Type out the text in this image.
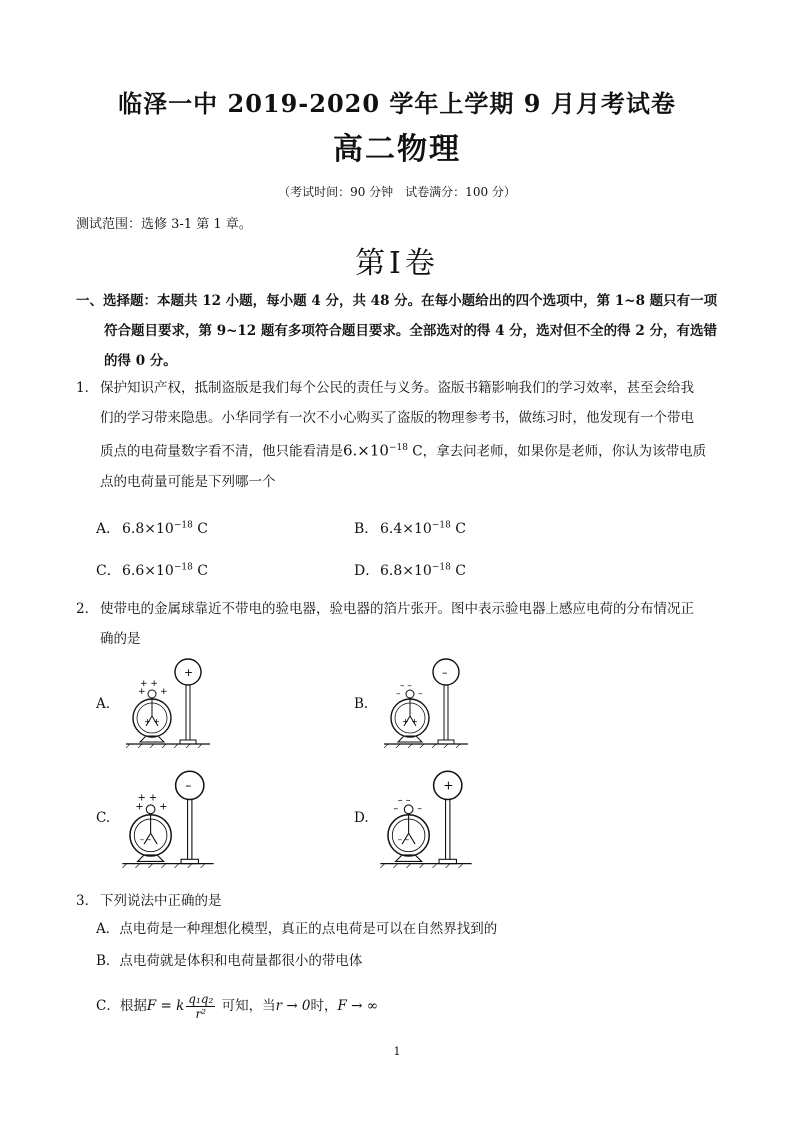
临泽一中 2019-2020 学年上学期 9 月月考试卷
高二物理
（考试时间：90 分钟　试卷满分：100 分）
测试范围：选修 3-1 第 1 章。
第Ⅰ卷
一、选择题：本题共 12 小题，每小题 4 分，共 48 分。在每小题给出的四个选项中，第 1~8 题只有一项
符合题目要求，第 9~12 题有多项符合题目要求。全部选对的得 4 分，选对但不全的得 2 分，有选错
的得 0 分。
1． 保护知识产权，抵制盗版是我们每个公民的责任与义务。盗版书籍影响我们的学习效率，甚至会给我
们的学习带来隐患。小华同学有一次不小心购买了盗版的物理参考书，做练习时，他发现有一个带电
质点的电荷量数字看不清，他只能看清是$6.\times 10^{-18}$ C，拿去问老师，如果你是老师，你认为该带电质
点的电荷量可能是下列哪一个
A． $6.8\times 10^{-18}$ C	B． $6.4\times 10^{-18}$ C
C．$6.6\times 10^{-18}$ C	D．$6.8\times 10^{-18}$ C
2． 使带电的金属球靠近不带电的验电器，验电器的箔片张开。图中表示验电器上感应电荷的分布情况正
确的是
A.
+ +
+ +
+ +
+
B.
– –
– –
+ +
–
C.
+ +
+ +
– –
–
D.
– –
– –
– –
+
3． 下列说法中正确的是
A．点电荷是一种理想化模型，真正的点电荷是可以在自然界找到的
B．点电荷就是体积和电荷量都很小的带电体
C．根据F = k $\frac{\text{q₁q₂}}{\text{r²}}$ 可知，当r → 0时，F → ∞
1
